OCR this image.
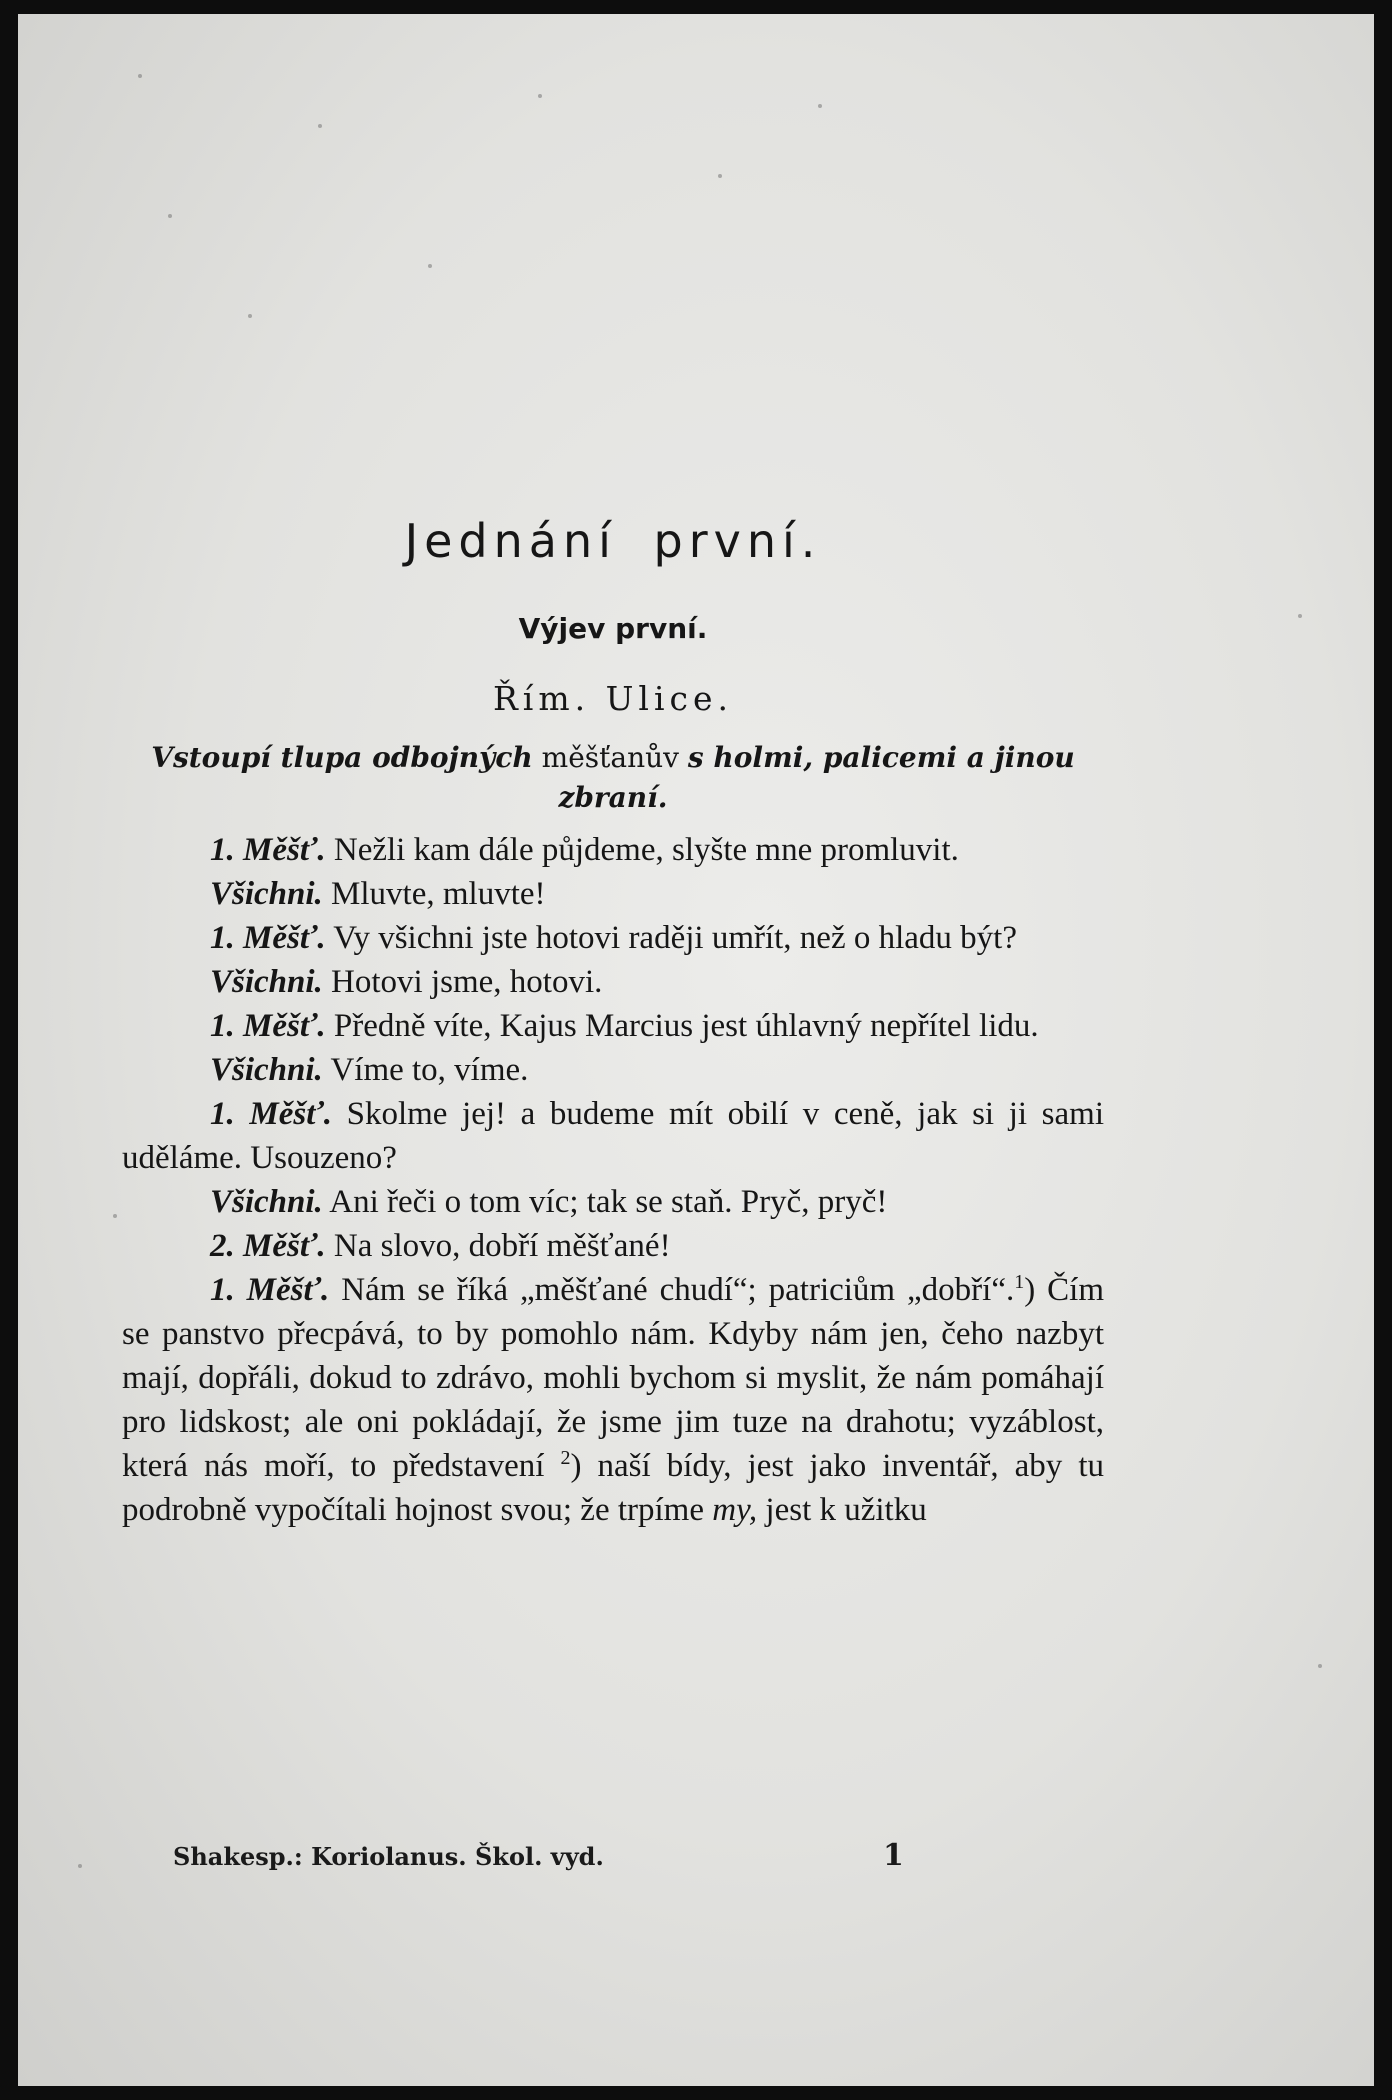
Jednání první.
Výjev první.
Řím. Ulice.
Vstoupí tlupa odbojných měšťanův s holmi, palicemi a jinou zbraní.

1. Měšť. Nežli kam dále půjdeme, slyšte mne promluvit.

Všichni. Mluvte, mluvte!

1. Měšť. Vy všichni jste hotovi raději umřít, než o hladu být?

Všichni. Hotovi jsme, hotovi.

1. Měšť. Předně víte, Kajus Marcius jest úhlavný nepřítel lidu.

Všichni. Víme to, víme.

1. Měšť. Skolme jej! a budeme mít obilí v ceně, jak si ji sami uděláme. Usouzeno?

Všichni. Ani řeči o tom víc; tak se staň. Pryč, pryč!

2. Měšť. Na slovo, dobří měšťané!

1. Měšť. Nám se říká „měšťané chudí“; patriciům „dobří“.$^1$) Čím se panstvo přecpává, to by pomohlo nám. Kdyby nám jen, čeho nazbyt mají, dopřáli, dokud to zdrávo, mohli bychom si myslit, že nám pomáhají pro lidskost; ale oni pokládají, že jsme jim tuze na drahotu; vyzáblost, která nás moří, to představení $^2$) naší bídy, jest jako inventář, aby tu podrobně vypočítali hojnost svou; že trpíme my, jest k užitku

Shakesp.: Koriolanus. Škol. vyd.	1
